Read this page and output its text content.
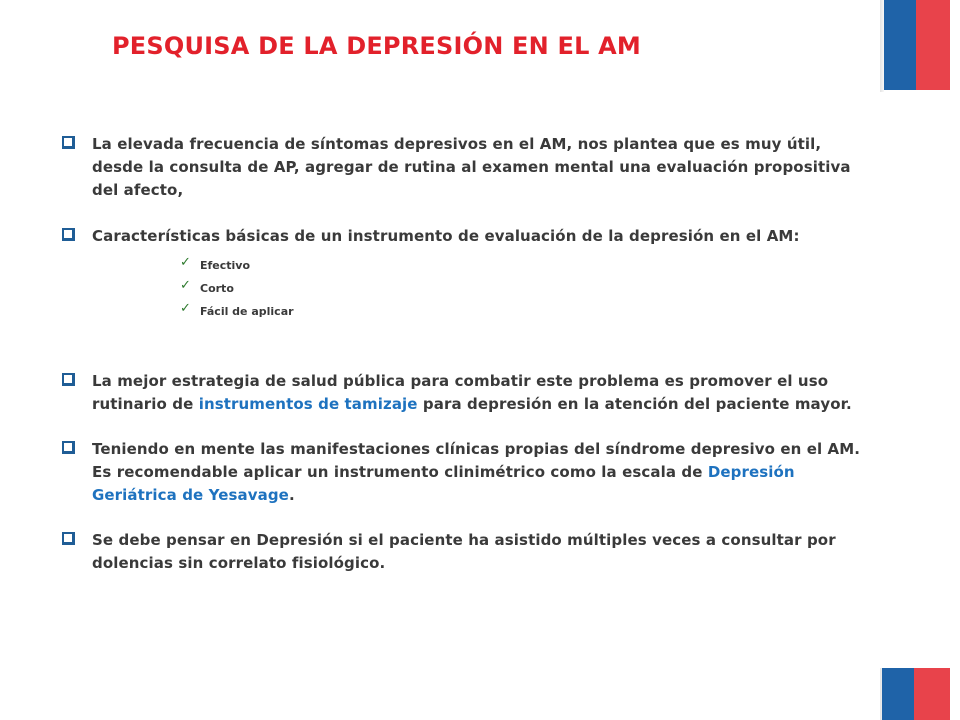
PESQUISA DE LA DEPRESIÓN EN EL AM
La elevada frecuencia de síntomas depresivos en el AM, nos plantea que es muy útil, desde la consulta de AP, agregar de rutina al examen mental una evaluación propositiva del afecto,
Características básicas de un instrumento de evaluación de la depresión en el AM:
✓ Efectivo
✓ Corto
✓ Fácil de aplicar
La mejor estrategia de salud pública para combatir este problema es promover el uso rutinario de instrumentos de tamizaje para depresión en la atención del paciente mayor.
Teniendo en mente las manifestaciones clínicas propias del síndrome depresivo en el AM. Es recomendable aplicar un instrumento clinimétrico como la escala de Depresión Geriátrica de Yesavage.
Se debe pensar en Depresión si el paciente ha asistido múltiples veces a consultar por dolencias sin correlato fisiológico.
